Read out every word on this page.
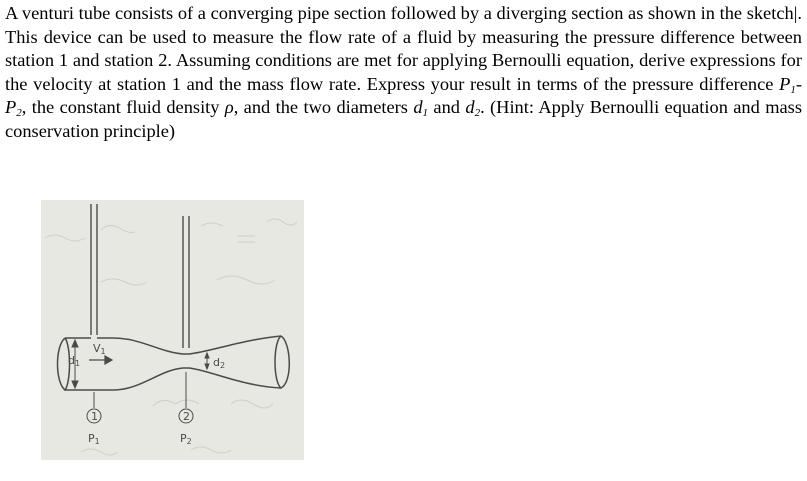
A venturi tube consists of a converging pipe section followed by a diverging section as shown in the sketch|. This device can be used to measure the flow rate of a fluid by measuring the pressure difference between station 1 and station 2. Assuming conditions are met for applying Bernoulli equation, derive expressions for the velocity at station 1 and the mass flow rate. Express your result in terms of the pressure difference $P_1-P_2$, the constant fluid density ρ, and the two diameters $d_1$ and $d_2$. (Hint: Apply Bernoulli equation and mass conservation principle)

d1
V1
d2
1	2
P1	P2
